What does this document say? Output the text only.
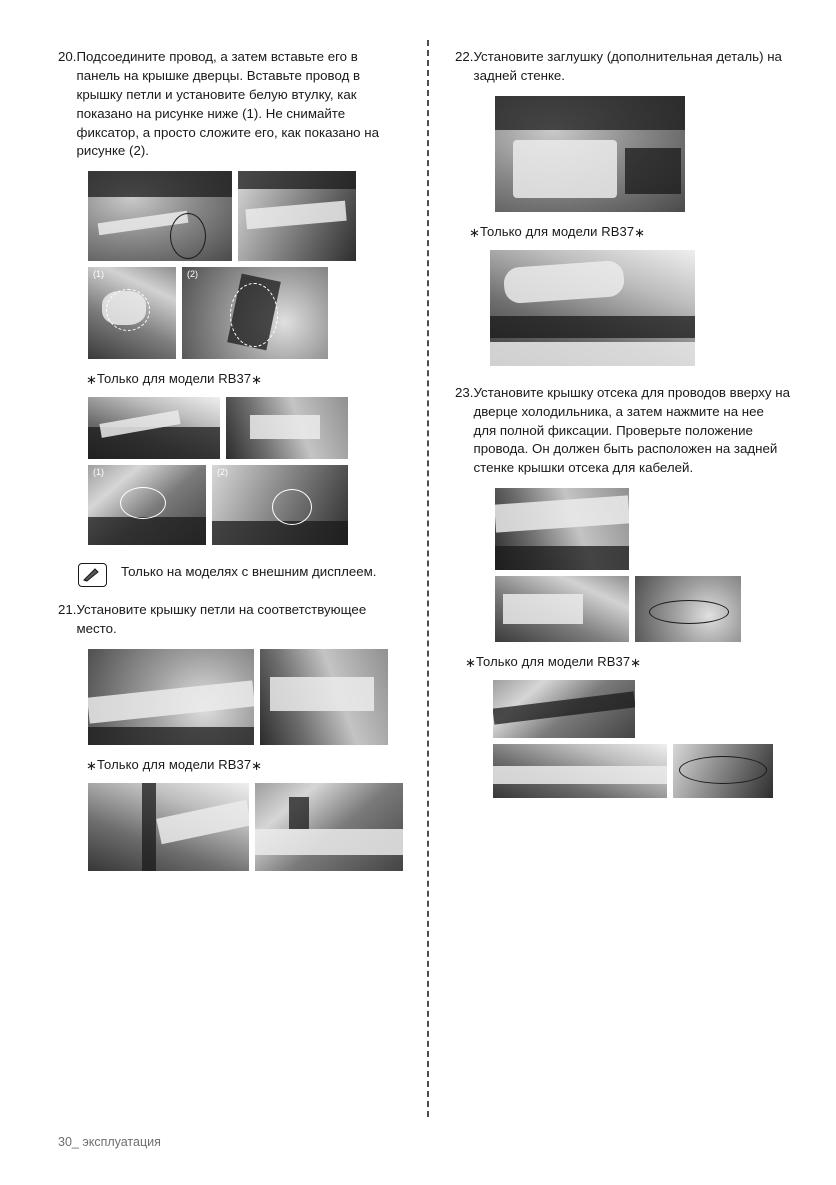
20. Подсоедините провод, а затем вставьте его в панель на крышке дверцы. Вставьте провод в крышку петли и установите белую втулку, как показано на рисунке ниже (1). Не снимайте фиксатор, а просто сложите его, как показано на рисунке (2).
(1)	(2)
∗Только для модели RB37∗
(1)	(2)
Только на моделях с внешним дисплеем.
21. Установите крышку петли на соответствующее место.
∗Только для модели RB37∗
22. Установите заглушку (дополнительная деталь) на задней стенке.
∗Только для модели RB37∗
23. Установите крышку отсека для проводов вверху на дверце холодильника, а затем нажмите на нее для полной фиксации. Проверьте положение провода. Он должен быть расположен на задней стенке крышки отсека для кабелей.
∗Только для модели RB37∗
30_ эксплуатация
